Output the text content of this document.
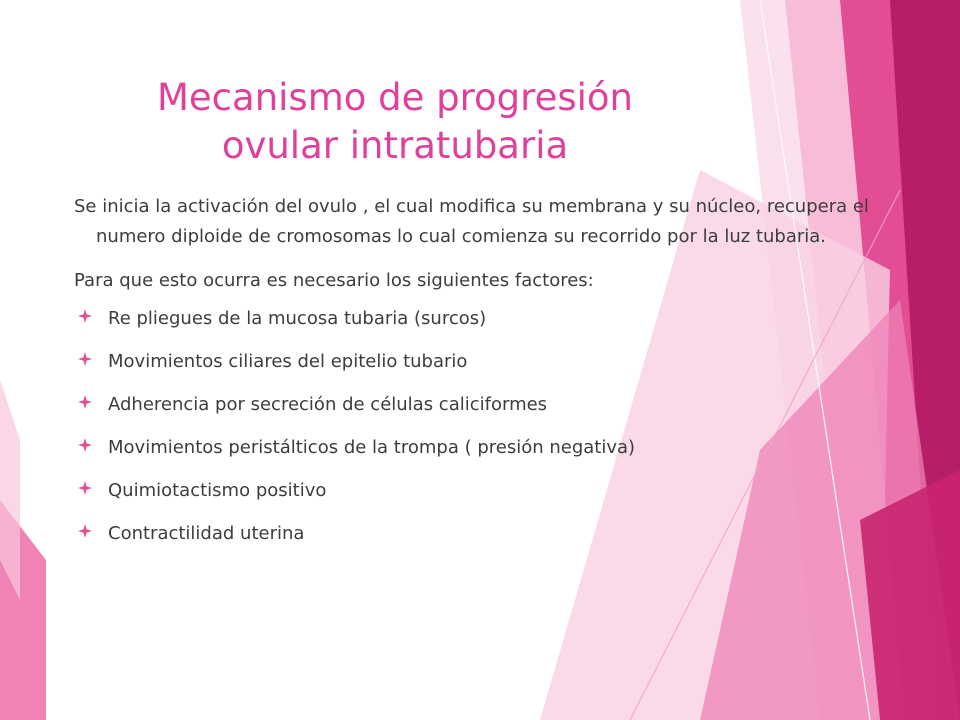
Mecanismo de progresión
ovular intratubaria

Se inicia la activación del ovulo , el cual modifica su membrana y su núcleo, recupera el numero diploide de cromosomas lo cual comienza su recorrido por la luz tubaria.

Para que esto ocurra es necesario los siguientes factores:

Re pliegues de la mucosa tubaria (surcos)
Movimientos ciliares del epitelio tubario
Adherencia por secreción de células caliciformes
Movimientos peristálticos de la trompa ( presión negativa)
Quimiotactismo positivo
Contractilidad uterina
